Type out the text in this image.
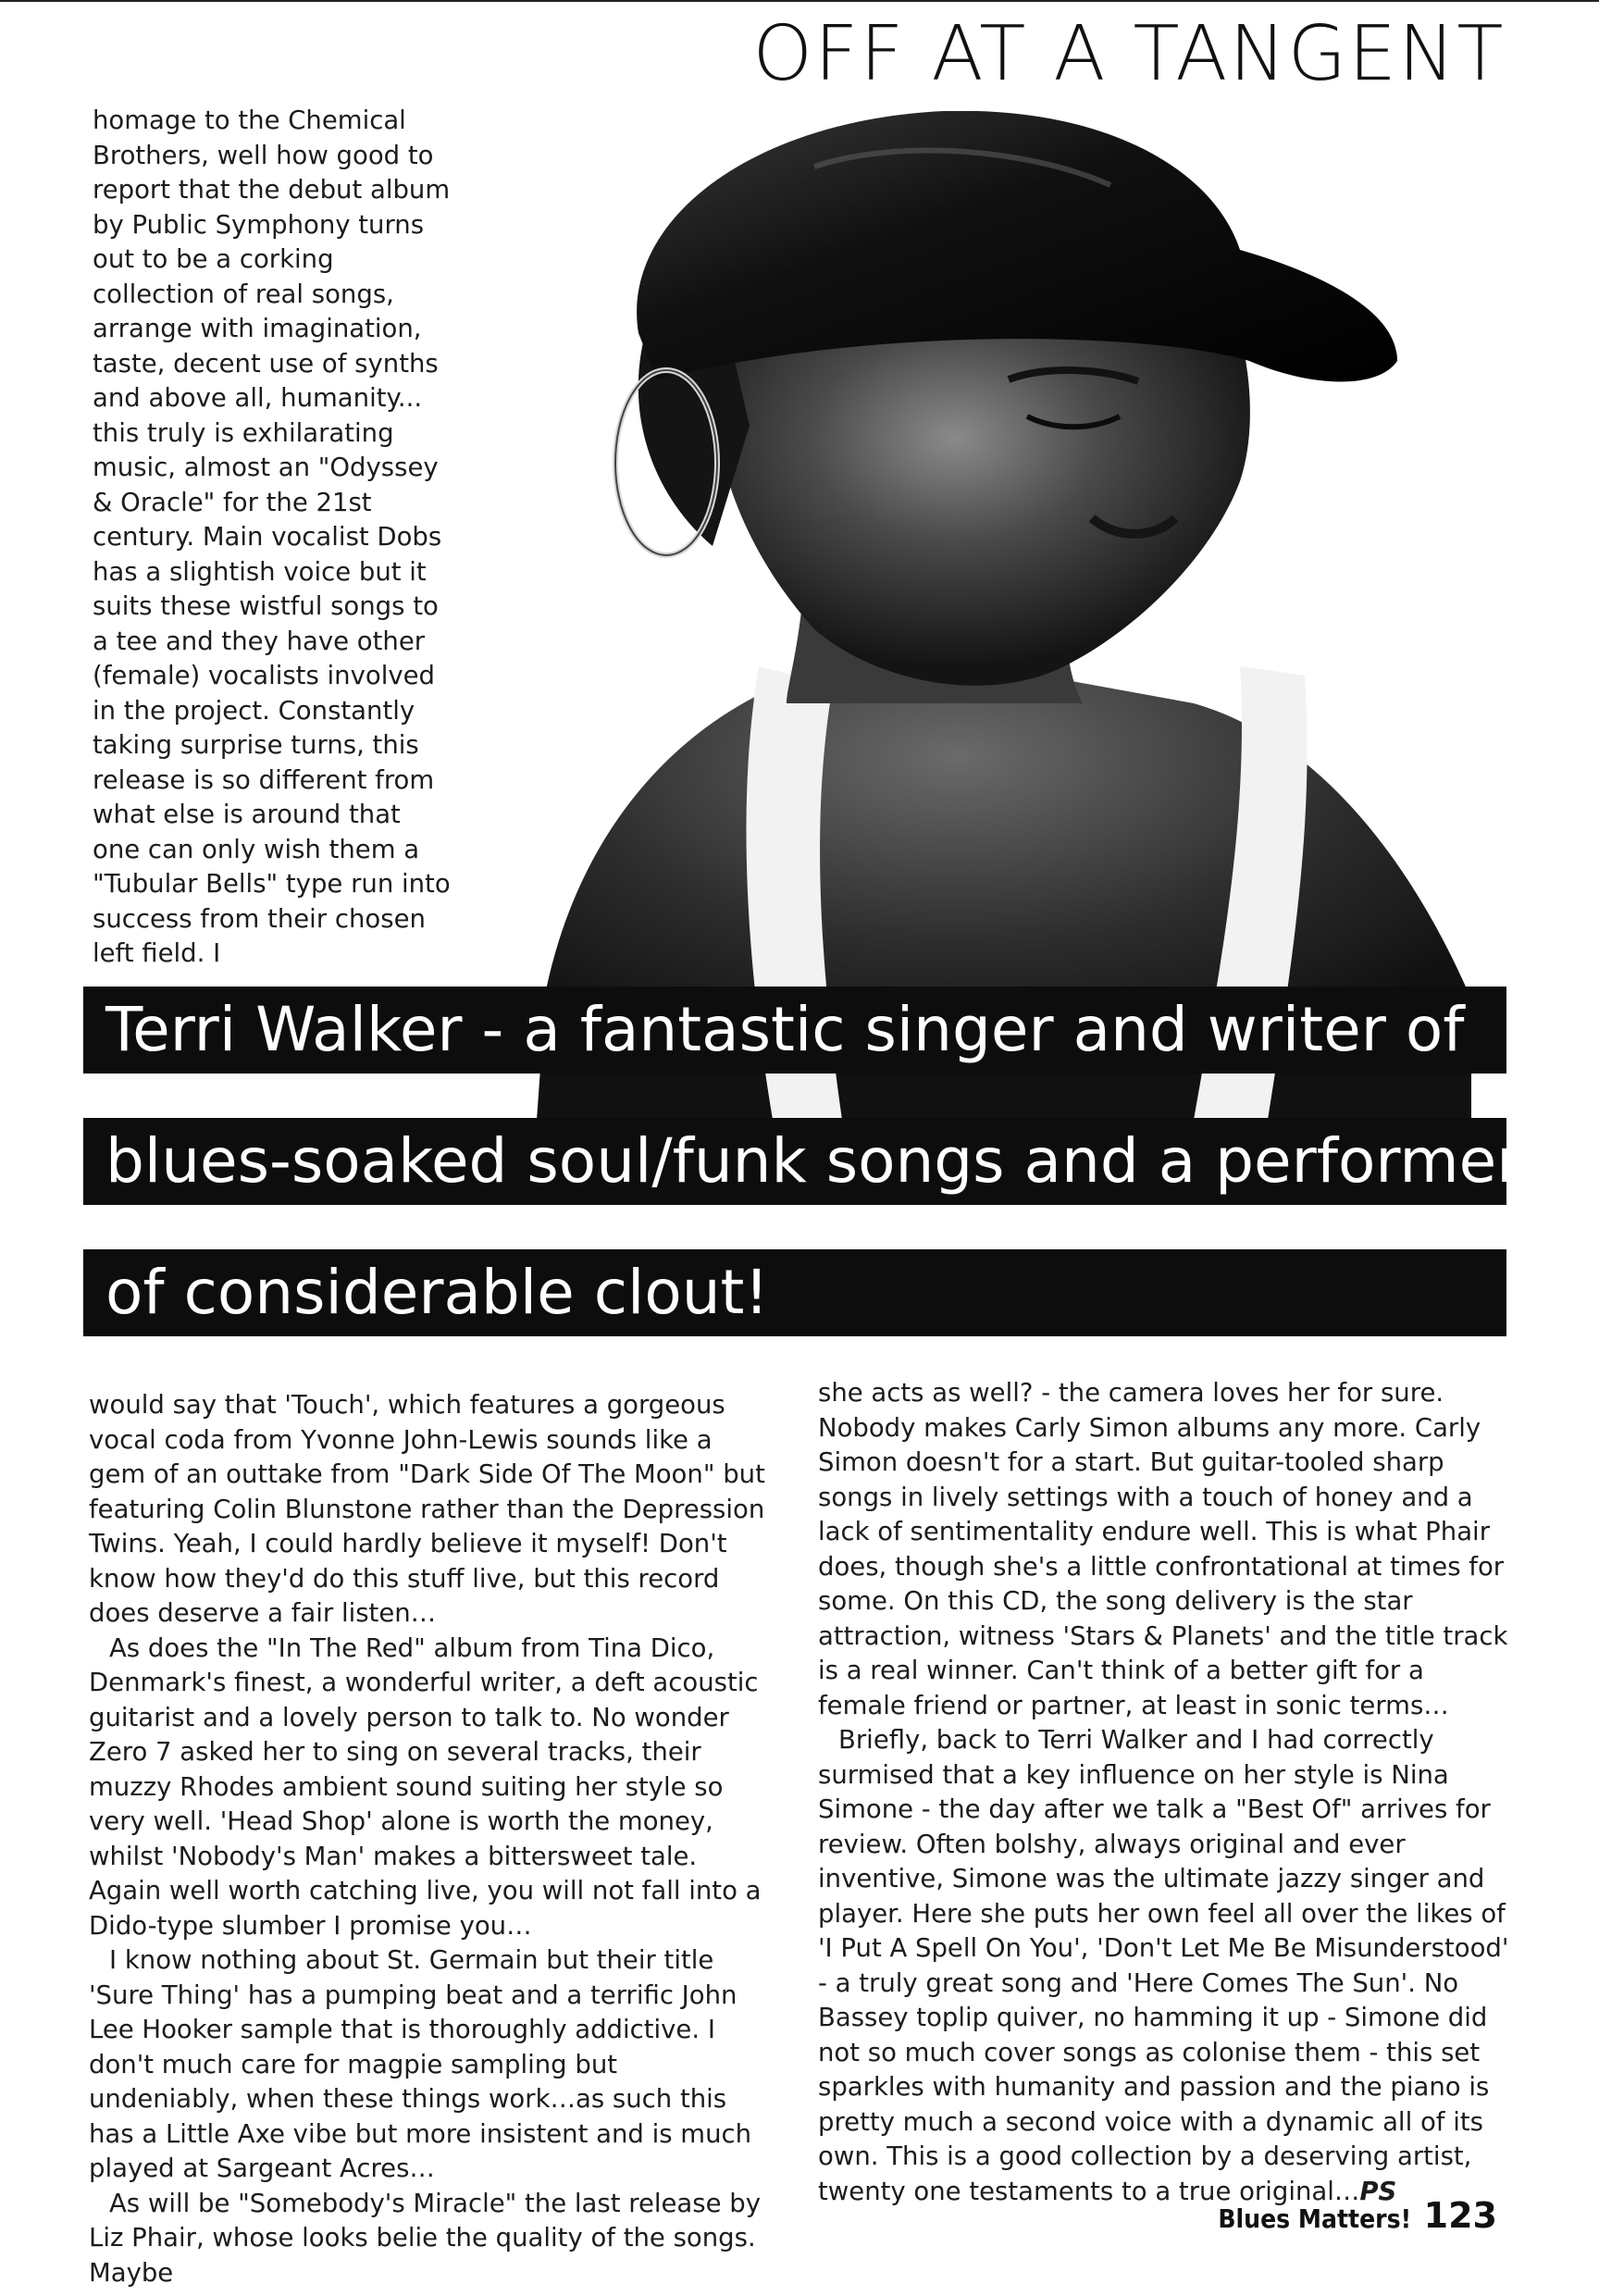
OFF AT A TANGENT

homage to the Chemical Brothers, well how good to report that the debut album by Public Symphony turns out to be a corking collection of real songs, arrange with imagination, taste, decent use of synths and above all, humanity... this truly is exhilarating music, almost an "Odyssey & Oracle" for the 21st century. Main vocalist Dobs has a slightish voice but it suits these wistful songs to a tee and they have other (female) vocalists involved in the project. Constantly taking surprise turns, this release is so different from what else is around that one can only wish them a "Tubular Bells" type run into success from their chosen left field. I

Terri Walker - a fantastic singer and writer of
blues-soaked soul/funk songs and a performer
of considerable clout!

would say that 'Touch', which features a gorgeous vocal coda from Yvonne John-Lewis sounds like a gem of an outtake from "Dark Side Of The Moon" but featuring Colin Blunstone rather than the Depression Twins. Yeah, I could hardly believe it myself! Don't know how they'd do this stuff live, but this record does deserve a fair listen…

As does the "In The Red" album from Tina Dico, Denmark's finest, a wonderful writer, a deft acoustic guitarist and a lovely person to talk to. No wonder Zero 7 asked her to sing on several tracks, their muzzy Rhodes ambient sound suiting her style so very well. 'Head Shop' alone is worth the money, whilst 'Nobody's Man' makes a bittersweet tale. Again well worth catching live, you will not fall into a Dido-type slumber I promise you…

I know nothing about St. Germain but their title 'Sure Thing' has a pumping beat and a terrific John Lee Hooker sample that is thoroughly addictive. I don't much care for magpie sampling but undeniably, when these things work…as such this has a Little Axe vibe but more insistent and is much played at Sargeant Acres…

As will be "Somebody's Miracle" the last release by Liz Phair, whose looks belie the quality of the songs. Maybe

she acts as well? - the camera loves her for sure. Nobody makes Carly Simon albums any more. Carly Simon doesn't for a start. But guitar-tooled sharp songs in lively settings with a touch of honey and a lack of sentimentality endure well. This is what Phair does, though she's a little confrontational at times for some. On this CD, the song delivery is the star attraction, witness 'Stars & Planets' and the title track is a real winner. Can't think of a better gift for a female friend or partner, at least in sonic terms…

Briefly, back to Terri Walker and I had correctly surmised that a key influence on her style is Nina Simone - the day after we talk a "Best Of" arrives for review. Often bolshy, always original and ever inventive, Simone was the ultimate jazzy singer and player. Here she puts her own feel all over the likes of 'I Put A Spell On You', 'Don't Let Me Be Misunderstood' - a truly great song and 'Here Comes The Sun'. No Bassey toplip quiver, no hamming it up - Simone did not so much cover songs as colonise them - this set sparkles with humanity and passion and the piano is pretty much a second voice with a dynamic all of its own. This is a good collection by a deserving artist, twenty one testaments to a true original…PS

Blues Matters! 123
